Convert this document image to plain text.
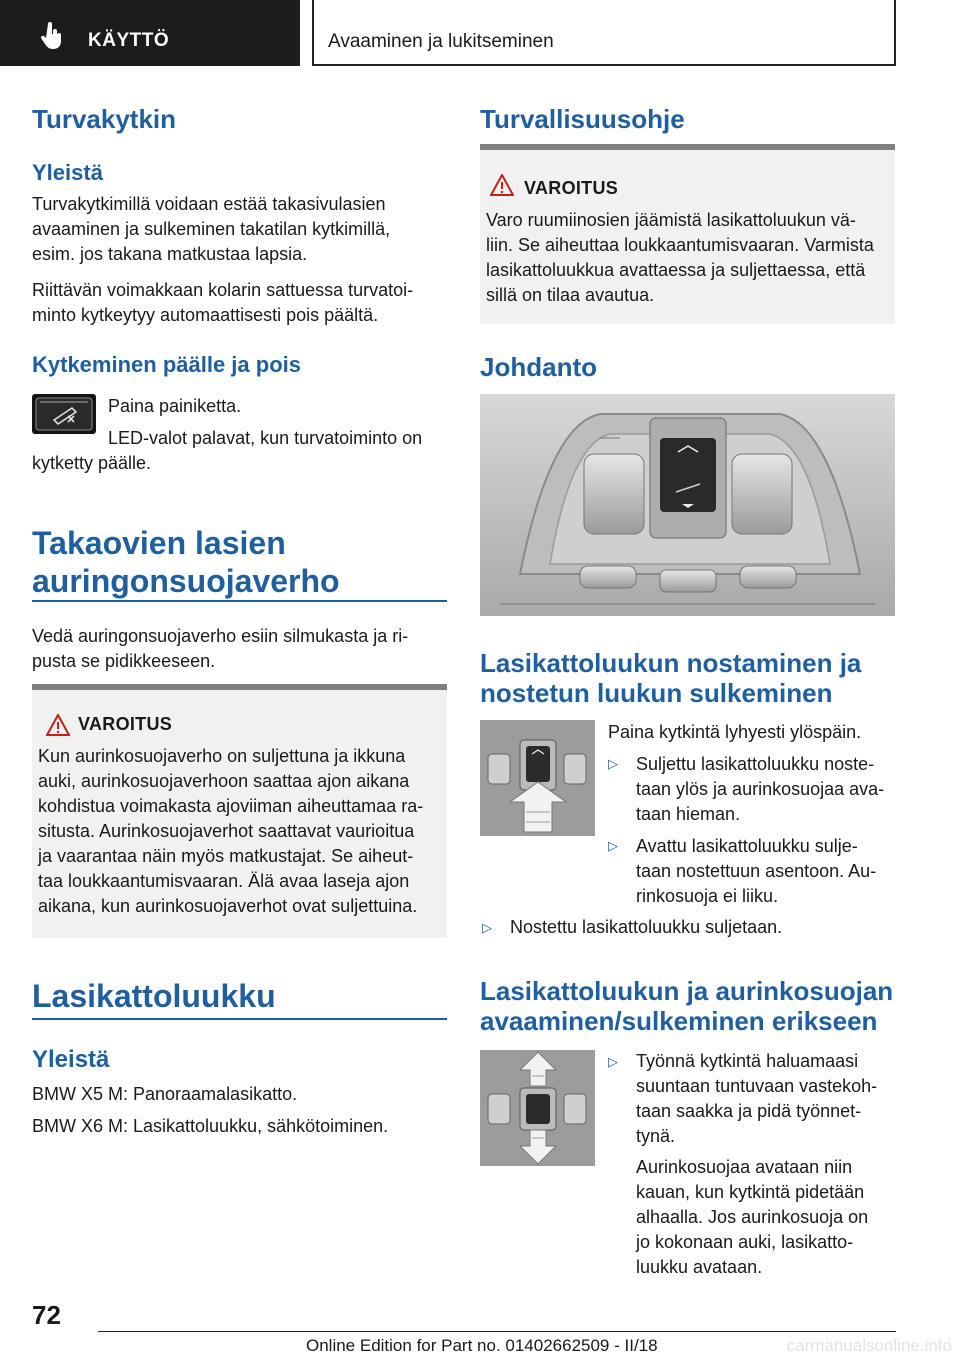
KÄYTTÖ	Avaaminen ja lukitseminen
Turvakytkin
Yleistä
Turvakytkimillä voidaan estää takasivulasien
avaaminen ja sulkeminen takatilan kytkimillä,
esim. jos takana matkustaa lapsia.
Riittävän voimakkaan kolarin sattuessa turvatoi-
minto kytkeytyy automaattisesti pois päältä.
Kytkeminen päälle ja pois
Paina painiketta.
LED-valot palavat, kun turvatoiminto on
kytketty päälle.
Takaovien lasien
auringonsuojaverho
Vedä auringonsuojaverho esiin silmukasta ja ri-
pusta se pidikkeeseen.
VAROITUS
Kun aurinkosuojaverho on suljettuna ja ikkuna
auki, aurinkosuojaverhoon saattaa ajon aikana
kohdistua voimakasta ajoviiman aiheuttamaa ra-
situsta. Aurinkosuojaverhot saattavat vaurioitua
ja vaarantaa näin myös matkustajat. Se aiheut-
taa loukkaantumisvaaran. Älä avaa laseja ajon
aikana, kun aurinkosuojaverhot ovat suljettuina.
Lasikattoluukku
Yleistä
BMW X5 M: Panoraamalasikatto.
BMW X6 M: Lasikattoluukku, sähkötoiminen.
Turvallisuusohje
VAROITUS
Varo ruumiinosien jäämistä lasikattoluukun vä-
liin. Se aiheuttaa loukkaantumisvaaran. Varmista
lasikattoluukkua avattaessa ja suljettaessa, että
sillä on tilaa avautua.
Johdanto
Lasikattoluukun nostaminen ja
nostetun luukun sulkeminen
Paina kytkintä lyhyesti ylöspäin.
▷ Suljettu lasikattoluukku noste-
taan ylös ja aurinkosuojaa ava-
taan hieman.
▷ Avattu lasikattoluukku sulje-
taan nostettuun asentoon. Au-
rinkosuoja ei liiku.
▷ Nostettu lasikattoluukku suljetaan.
Lasikattoluukun ja aurinkosuojan
avaaminen/sulkeminen erikseen
▷ Työnnä kytkintä haluamaasi
suuntaan tuntuvaan vastekoh-
taan saakka ja pidä työnnet-
tynä.
Aurinkosuojaa avataan niin
kauan, kun kytkintä pidetään
alhaalla. Jos aurinkosuoja on
jo kokonaan auki, lasikatto-
luukku avataan.
72
Online Edition for Part no. 01402662509 - II/18	carmanualsonline.info
